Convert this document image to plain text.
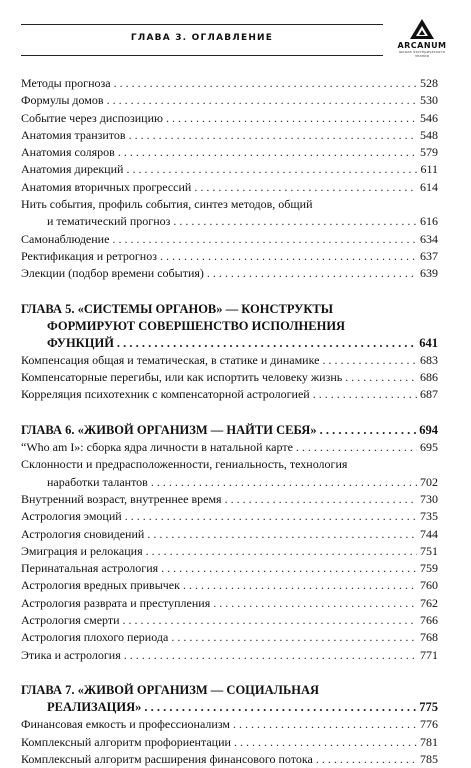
ГЛАВА 3. ОГЛАВЛЕНИЕ
ARCANUM
школа эзотерического знания
Методы прогноза . . .	528
Формулы домов . . .	530
Событие через диспозицию . . .	546
Анатомия транзитов . . .	548
Анатомия соляров . . .	579
Анатомия дирекций . . .	611
Анатомия вторичных прогрессий . . .	614
Нить события, профиль события, синтез методов, общий
и тематический прогноз . . .	616
Самонаблюдение . . .	634
Ректификация и ретрогноз . . .	637
Элекции (подбор времени события) . . .	639
ГЛАВА 5. «СИСТЕМЫ ОРГАНОВ» — КОНСТРУКТЫ
ФОРМИРУЮТ СОВЕРШЕНСТВО ИСПОЛНЕНИЯ
ФУНКЦИЙ . . .	641
Компенсация общая и тематическая, в статике и динамике . . .	683
Компенсаторные перегибы, или как испортить человеку жизнь . . .	686
Корреляция психотехник с компенсаторной астрологией . . .	687
ГЛАВА 6. «ЖИВОЙ ОРГАНИЗМ — НАЙТИ СЕБЯ» . . .	694
“Who am I»: сборка ядра личности в натальной карте . . .	695
Склонности и предрасположенности, гениальность, технология
наработки талантов . . .	702
Внутренний возраст, внутреннее время . . .	730
Астрология эмоций . . .	735
Астрология сновидений . . .	744
Эмиграция и релокация . . .	751
Перинатальная астрология . . .	759
Астрология вредных привычек . . .	760
Астрология разврата и преступления . . .	762
Астрология смерти . . .	766
Астрология плохого периода . . .	768
Этика и астрология . . .	771
ГЛАВА 7. «ЖИВОЙ ОРГАНИЗМ — СОЦИАЛЬНАЯ
РЕАЛИЗАЦИЯ» . . .	775
Финансовая емкость и профессионализм . . .	776
Комплексный алгоритм профориентации . . .	781
Комплексный алгоритм расширения финансового потока . . .	785
